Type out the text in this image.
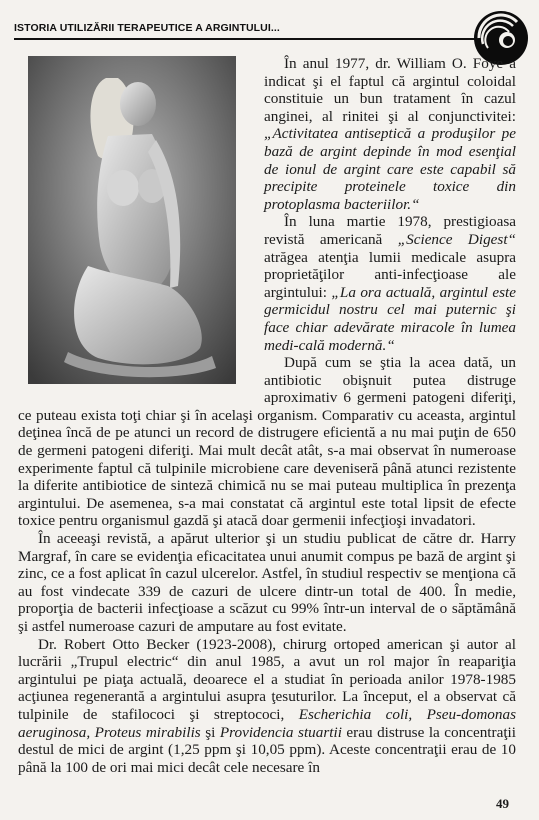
ISTORIA UTILIZĂRII TERAPEUTICE A ARGINTULUI...

În anul 1977, dr. William O. Foye a indicat şi el faptul că argintul coloidal constituie un bun tratament în cazul anginei, al rinitei şi al conjunctivitei: „Activitatea antiseptică a produşilor pe bază de argint depinde în mod esenţial de ionul de argint care este capabil să precipite proteinele toxice din protoplasma bacteriilor.“

În luna martie 1978, prestigioasa revistă americană „Science Digest“ atrăgea atenţia lumii medicale asupra proprietăţilor anti-infecţioase ale argintului: „La ora actuală, argintul este germicidul nostru cel mai puternic şi face chiar adevărate miracole în lumea medi-cală modernă.“

După cum se ştia la acea dată, un antibiotic obişnuit putea distruge aproximativ 6 germeni patogeni diferiţi, ce puteau exista toţi chiar şi în acelaşi organism. Comparativ cu aceasta, argintul deţinea încă de pe atunci un record de distrugere eficientă a nu mai puţin de 650 de germeni patogeni diferiţi. Mai mult decât atât, s-a mai observat în numeroase experimente faptul că tulpinile microbiene care deveniseră până atunci rezistente la diferite antibiotice de sinteză chimică nu se mai puteau multiplica în prezenţa argintului. De asemenea, s-a mai constatat că argintul este total lipsit de efecte toxice pentru organismul gazdă şi atacă doar germenii infecţioşi invadatori.

În aceeaşi revistă, a apărut ulterior şi un studiu publicat de către dr. Harry Margraf, în care se evidenţia eficacitatea unui anumit compus pe bază de argint şi zinc, ce a fost aplicat în cazul ulcerelor. Astfel, în studiul respectiv se menţiona că au fost vindecate 339 de cazuri de ulcere dintr-un total de 400. În medie, proporţia de bacterii infecţioase a scăzut cu 99% într-un interval de o săptămână şi astfel numeroase cazuri de amputare au fost evitate.

Dr. Robert Otto Becker (1923-2008), chirurg ortoped american şi autor al lucrării „Trupul electric“ din anul 1985, a avut un rol major în reapariţia argintului pe piaţa actuală, deoarece el a studiat în perioada anilor 1978-1985 acţiunea regenerantă a argintului asupra ţesuturilor. La început, el a observat că tulpinile de stafilococi şi streptococi, Escherichia coli, Pseu-domonas aeruginosa, Proteus mirabilis şi Providencia stuartii erau distruse la concentraţii destul de mici de argint (1,25 ppm şi 10,05 ppm). Aceste concentraţii erau de 10 până la 100 de ori mai mici decât cele necesare în

49
